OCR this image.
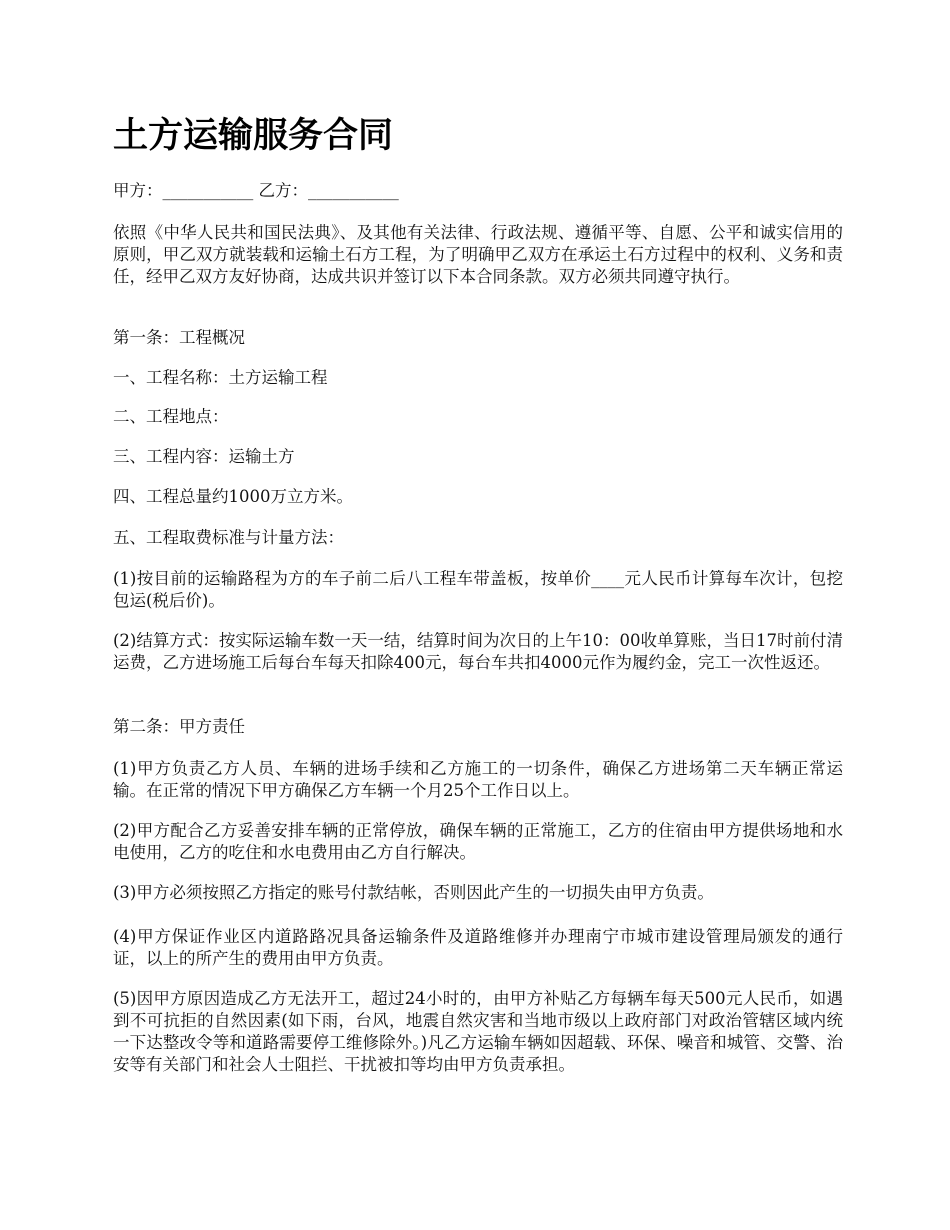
土方运输服务合同

甲方：___________ 乙方：___________

依照《中华人民共和国民法典》、及其他有关法律、行政法规、遵循平等、自愿、公平和诚实信用的原则，甲乙双方就装载和运输土石方工程，为了明确甲乙双方在承运土石方过程中的权利、义务和责任，经甲乙双方友好协商，达成共识并签订以下本合同条款。双方必须共同遵守执行。

第一条：工程概况

一、工程名称：土方运输工程

二、工程地点：

三、工程内容：运输土方

四、工程总量约1000万立方米。

五、工程取费标准与计量方法：

(1)按目前的运输路程为方的车子前二后八工程车带盖板，按单价____元人民币计算每车次计，包挖包运(税后价)。

(2)结算方式：按实际运输车数一天一结，结算时间为次日的上午10：00收单算账，当日17时前付清运费，乙方进场施工后每台车每天扣除400元，每台车共扣4000元作为履约金，完工一次性返还。

第二条：甲方责任

(1)甲方负责乙方人员、车辆的进场手续和乙方施工的一切条件，确保乙方进场第二天车辆正常运输。在正常的情况下甲方确保乙方车辆一个月25个工作日以上。

(2)甲方配合乙方妥善安排车辆的正常停放，确保车辆的正常施工，乙方的住宿由甲方提供场地和水电使用，乙方的吃住和水电费用由乙方自行解决。

(3)甲方必须按照乙方指定的账号付款结帐，否则因此产生的一切损失由甲方负责。

(4)甲方保证作业区内道路路况具备运输条件及道路维修并办理南宁市城市建设管理局颁发的通行证，以上的所产生的费用由甲方负责。

(5)因甲方原因造成乙方无法开工，超过24小时的，由甲方补贴乙方每辆车每天500元人民币，如遇到不可抗拒的自然因素(如下雨，台风，地震自然灾害和当地市级以上政府部门对政治管辖区域内统一下达整改令等和道路需要停工维修除外。)凡乙方运输车辆如因超载、环保、噪音和城管、交警、治安等有关部门和社会人士阻拦、干扰被扣等均由甲方负责承担。
